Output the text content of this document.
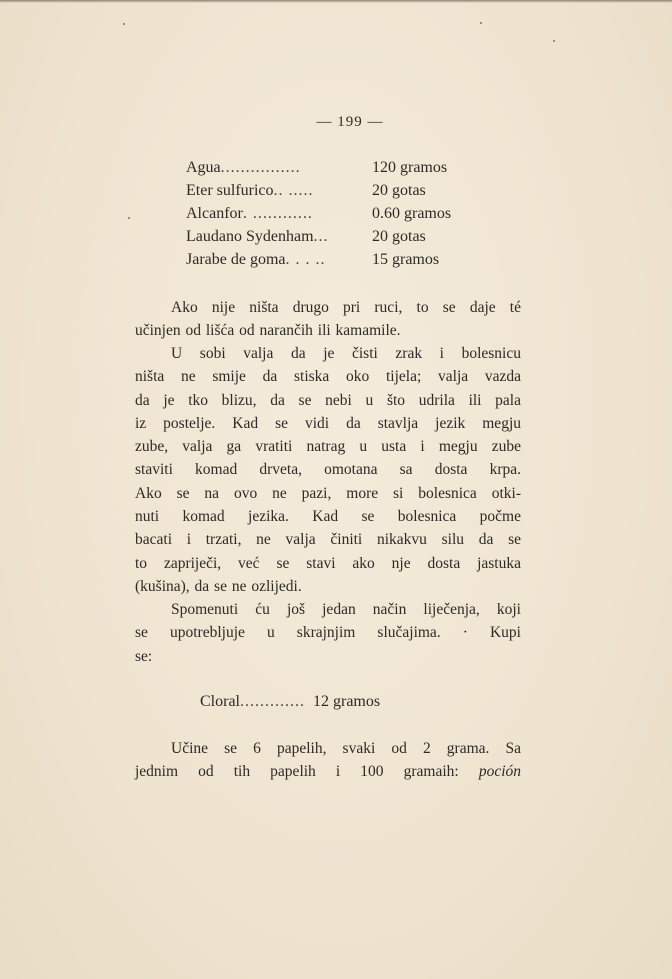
— 199 —
Agua................	120 gramos
Eter sulfurico.. .....	20 gotas
Alcanfor. ............	0.60 gramos
Laudano Sydenham...	20 gotas
Jarabe de goma. . . ..	15 gramos
Ako nije ništa drugo pri ruci, to se daje té
učinjen od lišća od narančih ili kamamile.
U sobi valja da je čisti zrak i bolesnicu
ništa ne smije da stiska oko tijela; valja vazda
da je tko blizu, da se nebi u što udrila ili pala
iz postelje. Kad se vidi da stavlja jezik megju
zube, valja ga vratiti natrag u usta i megju zube
staviti komad drveta, omotana sa dosta krpa.
Ako se na ovo ne pazi, more si bolesnica otki-
nuti komad jezika. Kad se bolesnica počme
bacati i trzati, ne valja činiti nikakvu silu da se
to zapriječi, već se stavi ako nje dosta jastuka
(kušina), da se ne ozlijedi.
Spomenuti ću još jedan način liječenja, koji
se upotrebljuje u skrajnjim slučajima. · Kupi
se:
Cloral............. 12 gramos
Učine se 6 papelih, svaki od 2 grama. Sa
jednim od tih papelih i 100 gramaih: poción
